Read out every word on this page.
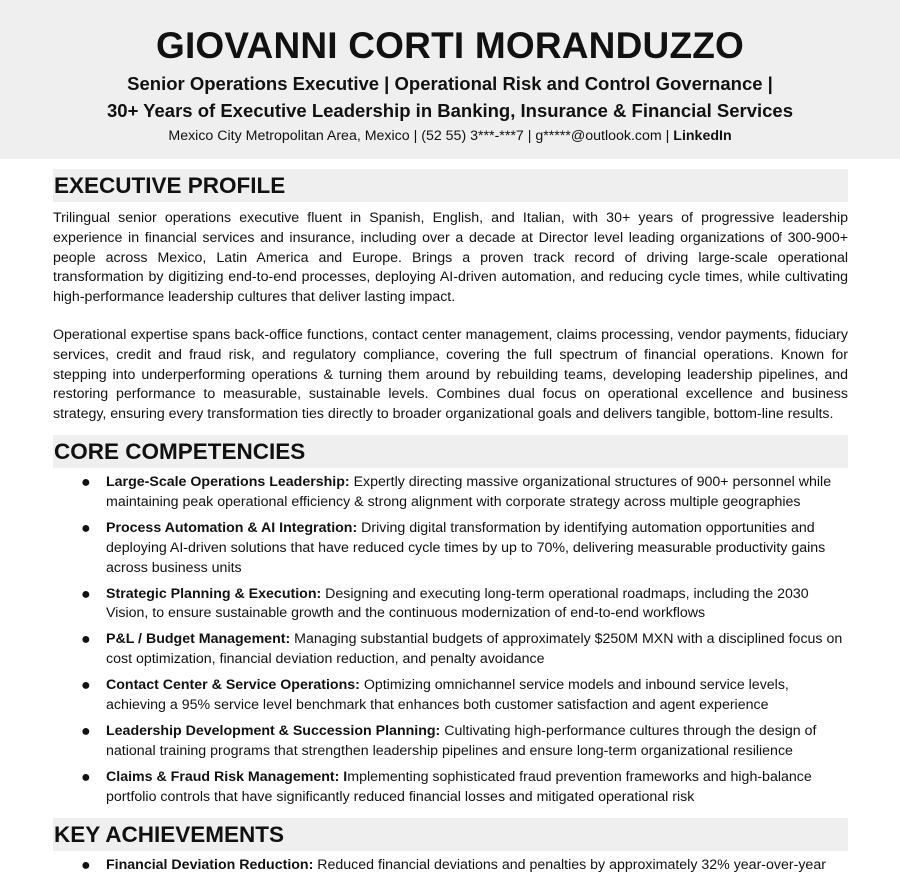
GIOVANNI CORTI MORANDUZZO
Senior Operations Executive | Operational Risk and Control Governance |
30+ Years of Executive Leadership in Banking, Insurance & Financial Services
Mexico City Metropolitan Area, Mexico | (52 55) 3***-***7 | g*****@outlook.com | LinkedIn
EXECUTIVE PROFILE

Trilingual senior operations executive fluent in Spanish, English, and Italian, with 30+ years of progressive leadership experience in financial services and insurance, including over a decade at Director level leading organizations of 300-900+ people across Mexico, Latin America and Europe. Brings a proven track record of driving large-scale operational transformation by digitizing end-to-end processes, deploying AI-driven automation, and reducing cycle times, while cultivating high-performance leadership cultures that deliver lasting impact.

Operational expertise spans back-office functions, contact center management, claims processing, vendor payments, fiduciary services, credit and fraud risk, and regulatory compliance, covering the full spectrum of financial operations. Known for stepping into underperforming operations & turning them around by rebuilding teams, developing leadership pipelines, and restoring performance to measurable, sustainable levels. Combines dual focus on operational excellence and business strategy, ensuring every transformation ties directly to broader organizational goals and delivers tangible, bottom-line results.

CORE COMPETENCIES
● Large-Scale Operations Leadership: Expertly directing massive organizational structures of 900+ personnel while maintaining peak operational efficiency & strong alignment with corporate strategy across multiple geographies
● Process Automation & AI Integration: Driving digital transformation by identifying automation opportunities and deploying AI-driven solutions that have reduced cycle times by up to 70%, delivering measurable productivity gains across business units
● Strategic Planning & Execution: Designing and executing long-term operational roadmaps, including the 2030 Vision, to ensure sustainable growth and the continuous modernization of end-to-end workflows
● P&L / Budget Management: Managing substantial budgets of approximately $250M MXN with a disciplined focus on cost optimization, financial deviation reduction, and penalty avoidance
● Contact Center & Service Operations: Optimizing omnichannel service models and inbound service levels, achieving a 95% service level benchmark that enhances both customer satisfaction and agent experience
● Leadership Development & Succession Planning: Cultivating high-performance cultures through the design of national training programs that strengthen leadership pipelines and ensure long-term organizational resilience
● Claims & Fraud Risk Management: Implementing sophisticated fraud prevention frameworks and high-balance portfolio controls that have significantly reduced financial losses and mitigated operational risk
KEY ACHIEVEMENTS
● Financial Deviation Reduction: Reduced financial deviations and penalties by approximately 32% year-over-year
